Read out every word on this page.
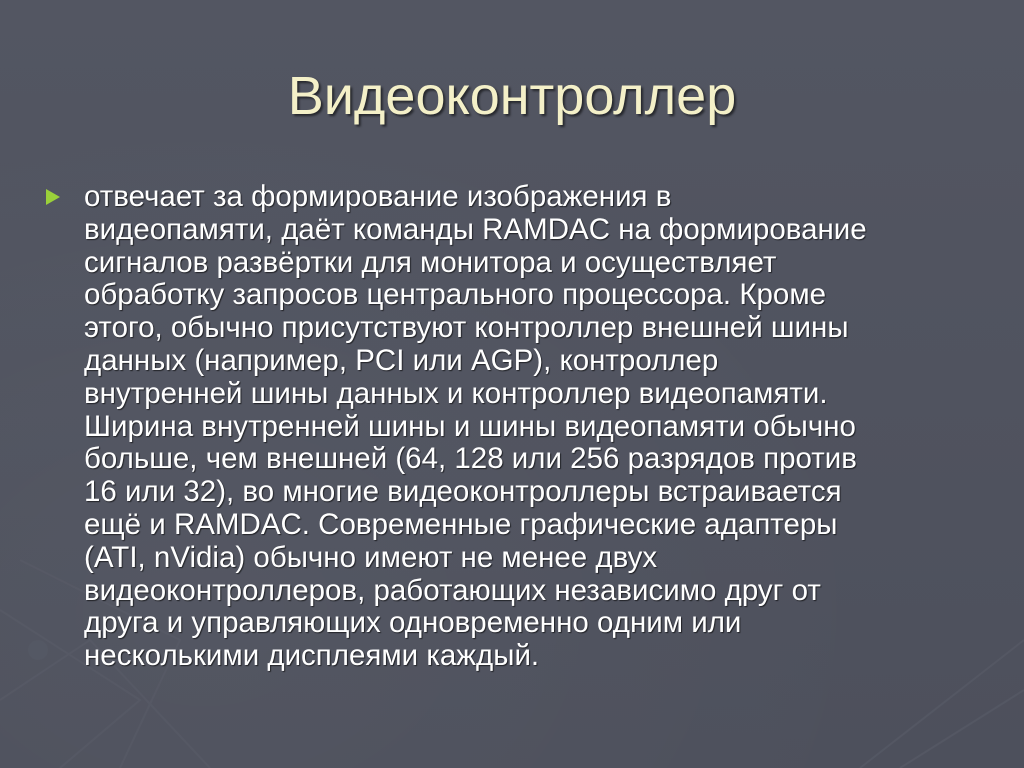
Видеоконтроллер
отвечает за формирование изображения в
видеопамяти, даёт команды RAMDAC на формирование
сигналов развёртки для монитора и осуществляет
обработку запросов центрального процессора. Кроме
этого, обычно присутствуют контроллер внешней шины
данных (например, PCI или AGP), контроллер
внутренней шины данных и контроллер видеопамяти.
Ширина внутренней шины и шины видеопамяти обычно
больше, чем внешней (64, 128 или 256 разрядов против
16 или 32), во многие видеоконтроллеры встраивается
ещё и RAMDAC. Современные графические адаптеры
(ATI, nVidia) обычно имеют не менее двух
видеоконтроллеров, работающих независимо друг от
друга и управляющих одновременно одним или
несколькими дисплеями каждый.
